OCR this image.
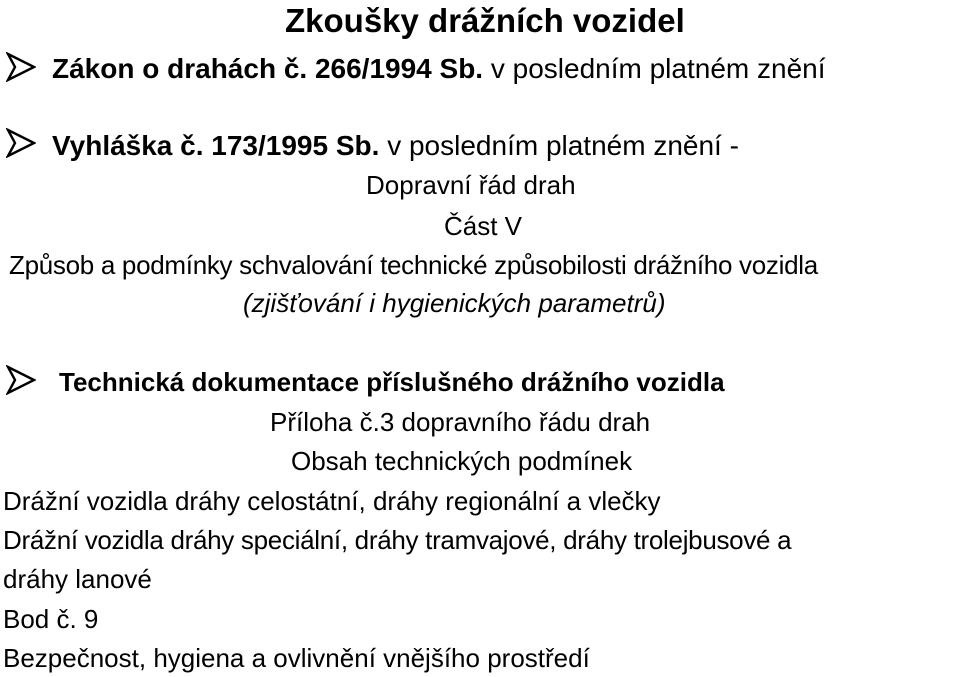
Zkoušky drážních vozidel
Zákon o drahách č. 266/1994 Sb. v posledním platném znění
Vyhláška č. 173/1995 Sb. v posledním platném znění -
Dopravní řád drah
Část V
Způsob a podmínky schvalování technické způsobilosti drážního vozidla
(zjišťování i hygienických parametrů)
Technická dokumentace příslušného drážního vozidla
Příloha č.3 dopravního řádu drah
Obsah technických podmínek
Drážní vozidla dráhy celostátní, dráhy regionální a vlečky
Drážní vozidla dráhy speciální, dráhy tramvajové, dráhy trolejbusové a
dráhy lanové
Bod č. 9
Bezpečnost, hygiena a ovlivnění vnějšího prostředí
